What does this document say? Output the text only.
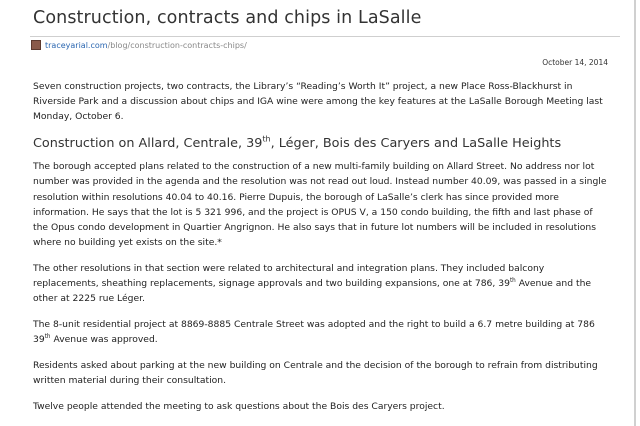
Construction, contracts and chips in LaSalle
traceyarial.com/blog/construction-contracts-chips/
October 14, 2014

Seven construction projects, two contracts, the Library’s “Reading’s Worth It” project, a new Place Ross-Blackhurst in Riverside Park and a discussion about chips and IGA wine were among the key features at the LaSalle Borough Meeting last Monday, October 6.

Construction on Allard, Centrale, 39th, Léger, Bois des Caryers and LaSalle Heights

The borough accepted plans related to the construction of a new multi-family building on Allard Street. No address nor lot number was provided in the agenda and the resolution was not read out loud. Instead number 40.09, was passed in a single resolution within resolutions 40.04 to 40.16. Pierre Dupuis, the borough of LaSalle’s clerk has since provided more information. He says that the lot is 5 321 996, and the project is OPUS V, a 150 condo building, the fifth and last phase of the Opus condo development in Quartier Angrignon. He also says that in future lot numbers will be included in resolutions where no building yet exists on the site.*

The other resolutions in that section were related to architectural and integration plans. They included balcony replacements, sheathing replacements, signage approvals and two building expansions, one at 786, 39th Avenue and the other at 2225 rue Léger.

The 8-unit residential project at 8869-8885 Centrale Street was adopted and the right to build a 6.7 metre building at 786 39th Avenue was approved.

Residents asked about parking at the new building on Centrale and the decision of the borough to refrain from distributing written material during their consultation.

Twelve people attended the meeting to ask questions about the Bois des Caryers project.
